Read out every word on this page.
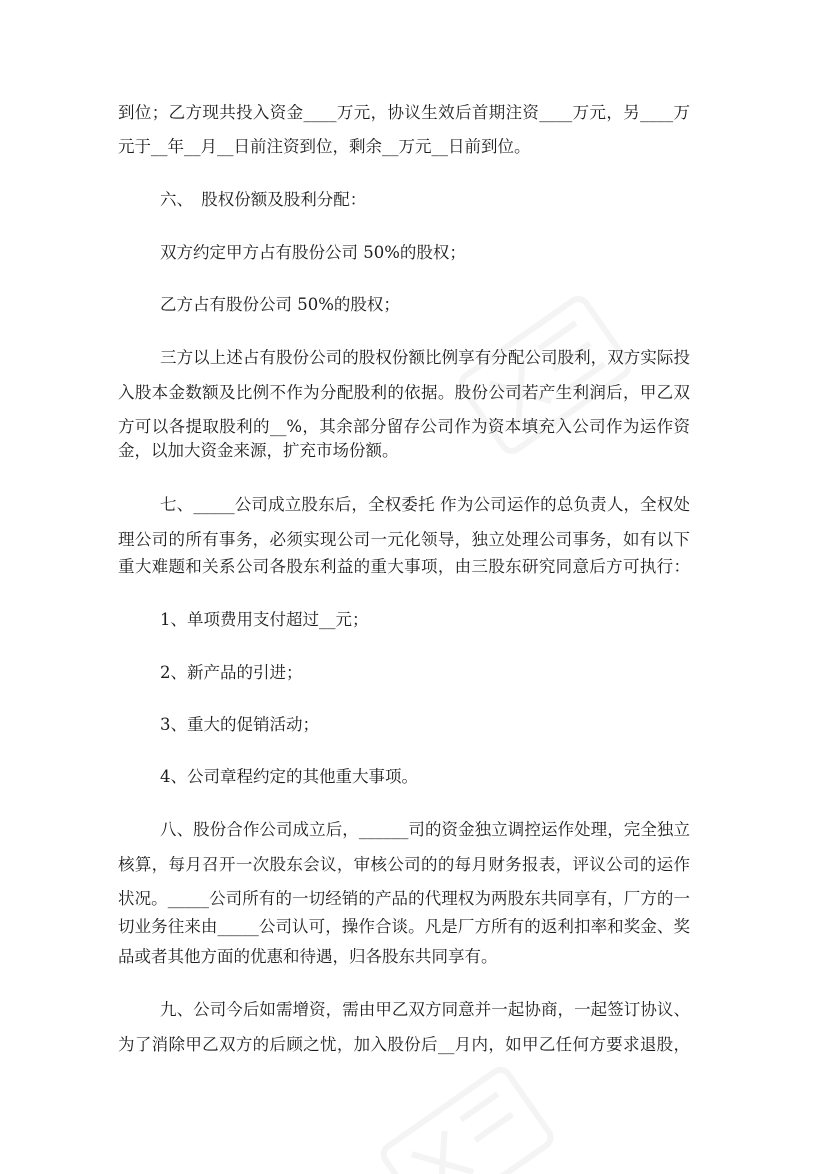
到位；乙方现共投入资金____万元，协议生效后首期注资____万元，另____万
元于__年__月__日前注资到位，剩余__万元__日前到位。
六、　股权份额及股利分配：
双方约定甲方占有股份公司 50%的股权；
乙方占有股份公司 50%的股权；
三方以上述占有股份公司的股权份额比例享有分配公司股利，双方实际投
入股本金数额及比例不作为分配股利的依据。股份公司若产生利润后，甲乙双
方可以各提取股利的__%，其余部分留存公司作为资本填充入公司作为运作资
金，以加大资金来源，扩充市场份额。
七、_____公司成立股东后，全权委托 作为公司运作的总负责人，全权处
理公司的所有事务，必须实现公司一元化领导，独立处理公司事务，如有以下
重大难题和关系公司各股东利益的重大事项，由三股东研究同意后方可执行：
1、单项费用支付超过__元；
2、新产品的引进；
3、重大的促销活动；
4、公司章程约定的其他重大事项。
八、股份合作公司成立后，______司的资金独立调控运作处理，完全独立
核算，每月召开一次股东会议，审核公司的的每月财务报表，评议公司的运作
状况。_____公司所有的一切经销的产品的代理权为两股东共同享有，厂方的一
切业务往来由_____公司认可，操作合谈。凡是厂方所有的返利扣率和奖金、奖
品或者其他方面的优惠和待遇，归各股东共同享有。
九、公司今后如需增资，需由甲乙双方同意并一起协商，一起签订协议、
为了消除甲乙双方的后顾之忧，加入股份后__月内，如甲乙任何方要求退股，
